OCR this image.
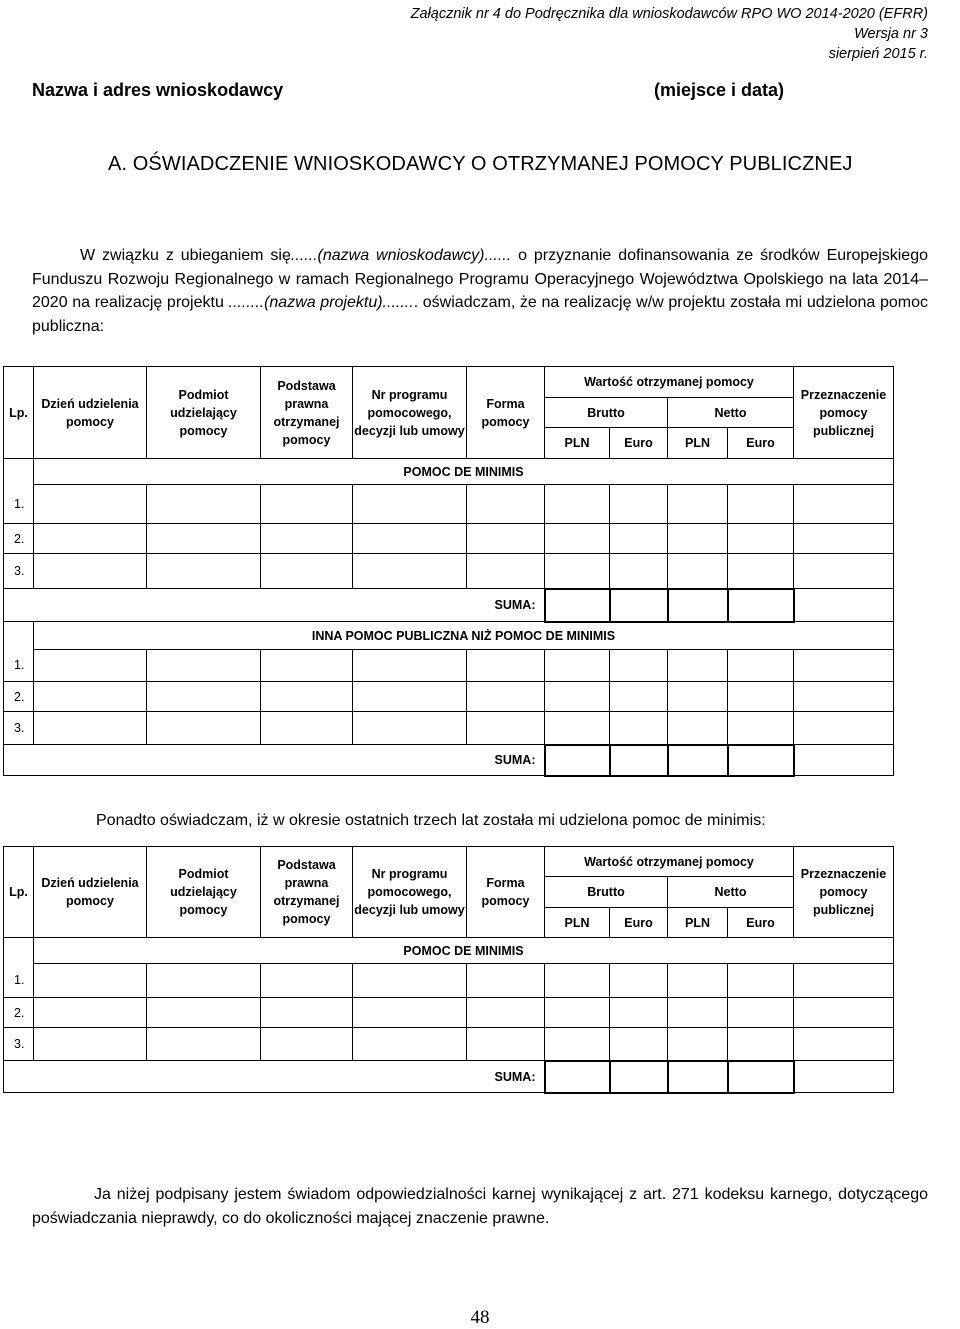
Załącznik nr 4 do Podręcznika dla wnioskodawców RPO WO 2014-2020 (EFRR)
Wersja nr 3
sierpień 2015 r.
Nazwa i adres wnioskodawcy	(miejsce i data)
A. OŚWIADCZENIE WNIOSKODAWCY O OTRZYMANEJ POMOCY PUBLICZNEJ
W związku z ubieganiem się......(nazwa wnioskodawcy)...... o przyznanie dofinansowania ze środków Europejskiego Funduszu Rozwoju Regionalnego w ramach Regionalnego Programu Operacyjnego Województwa Opolskiego na lata 2014– 2020 na realizację projektu ........(nazwa projektu)........ oświadczam, że na realizację w/w projektu została mi udzielona pomoc publiczna:
Lp.	Dzień udzielenia pomocy	Podmiot udzielający pomocy	Podstawa prawna otrzymanej pomocy	Nr programu pomocowego, decyzji lub umowy	Forma pomocy	Wartość otrzymanej pomocy				Przeznaczenie pomocy publicznej
						Brutto		Netto		
						PLN	Euro	PLN	Euro	
	POMOC DE MINIMIS									
1.										
2.										
3.										
SUMA:										
	INNA POMOC PUBLICZNA NIŻ POMOC DE MINIMIS									
1.										
2.										
3.										
SUMA:										
Ponadto oświadczam, iż w okresie ostatnich trzech lat została mi udzielona pomoc de minimis:
Lp.	Dzień udzielenia pomocy	Podmiot udzielający pomocy	Podstawa prawna otrzymanej pomocy	Nr programu pomocowego, decyzji lub umowy	Forma pomocy	Wartość otrzymanej pomocy				Przeznaczenie pomocy publicznej
						Brutto		Netto		
						PLN	Euro	PLN	Euro	
	POMOC DE MINIMIS									
1.										
2.										
3.										
SUMA:										
Ja niżej podpisany jestem świadom odpowiedzialności karnej wynikającej z art. 271 kodeksu karnego, dotyczącego poświadczania nieprawdy, co do okoliczności mającej znaczenie prawne.
48
